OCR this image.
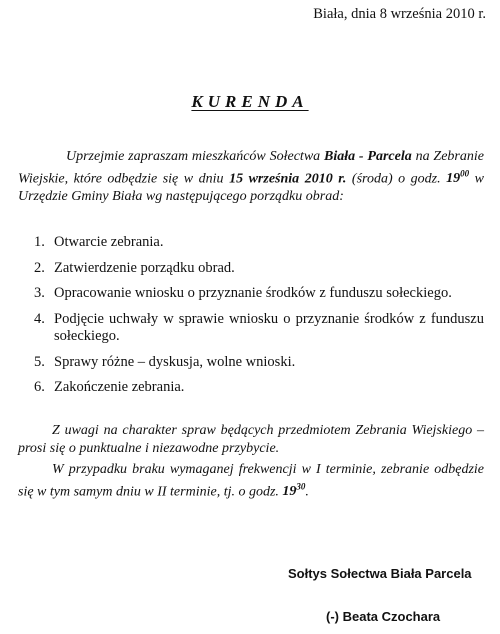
Biała, dnia 8 września 2010 r.
KURENDA

Uprzejmie zapraszam mieszkańców Sołectwa Biała - Parcela na Zebranie Wiejskie, które odbędzie się w dniu 15 września 2010 r. (środa) o godz. $19^{00}$ w Urzędzie Gminy Biała wg następującego porządku obrad:

1. Otwarcie zebrania.
2. Zatwierdzenie porządku obrad.
3. Opracowanie wniosku o przyznanie środków z funduszu sołeckiego.
4. Podjęcie uchwały w sprawie wniosku o przyznanie środków z funduszu sołeckiego.
5. Sprawy różne – dyskusja, wolne wnioski.
6. Zakończenie zebrania.

Z uwagi na charakter spraw będących przedmiotem Zebrania Wiejskiego – prosi się o punktualne i niezawodne przybycie.

W przypadku braku wymaganej frekwencji w I terminie, zebranie odbędzie się w tym samym dniu w II terminie, tj. o godz. $19^{30}$.

Sołtys Sołectwa Biała Parcela
(-) Beata Czochara
